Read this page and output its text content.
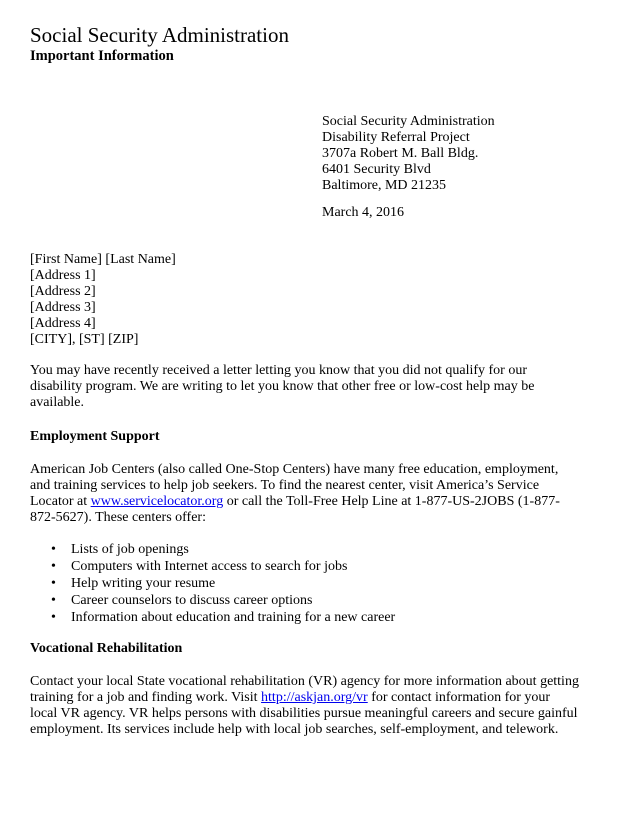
Social Security Administration
Important Information
Social Security Administration
Disability Referral Project
3707a Robert M. Ball Bldg.
6401 Security Blvd
Baltimore, MD 21235
March 4, 2016
[First Name] [Last Name]
[Address 1]
[Address 2]
[Address 3]
[Address 4]
[CITY], [ST] [ZIP]
You may have recently received a letter letting you know that you did not qualify for our disability program. We are writing to let you know that other free or low-cost help may be available.
Employment Support
American Job Centers (also called One-Stop Centers) have many free education, employment, and training services to help job seekers. To find the nearest center, visit America’s Service Locator at www.servicelocator.org or call the Toll-Free Help Line at 1-877-US-2JOBS (1-877-872-5627). These centers offer:
• Lists of job openings
• Computers with Internet access to search for jobs
• Help writing your resume
• Career counselors to discuss career options
• Information about education and training for a new career
Vocational Rehabilitation
Contact your local State vocational rehabilitation (VR) agency for more information about getting training for a job and finding work. Visit http://askjan.org/vr for contact information for your local VR agency. VR helps persons with disabilities pursue meaningful careers and secure gainful employment. Its services include help with local job searches, self-employment, and telework.
